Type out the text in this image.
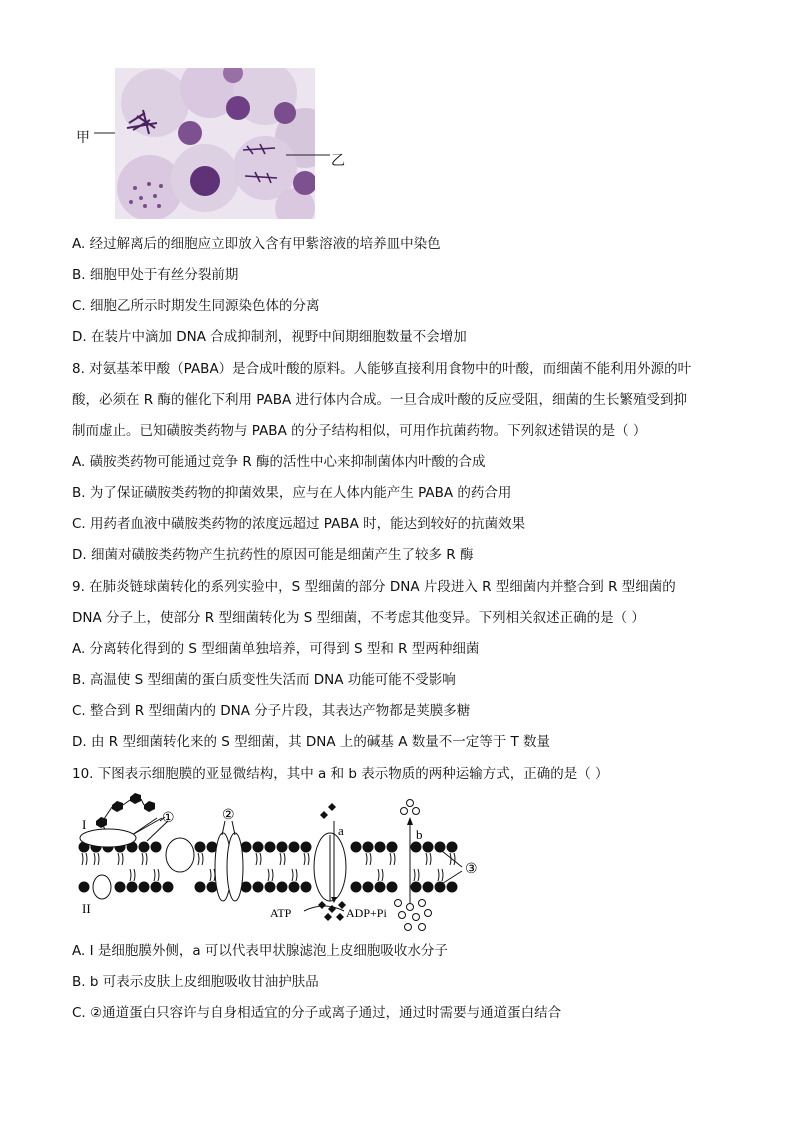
甲
乙
A. 经过解离后的细胞应立即放入含有甲紫溶液的培养皿中染色
B. 细胞甲处于有丝分裂前期
C. 细胞乙所示时期发生同源染色体的分离
D. 在装片中滴加 DNA 合成抑制剂，视野中间期细胞数量不会增加
8. 对氨基苯甲酸（PABA）是合成叶酸的原料。人能够直接利用食物中的叶酸，而细菌不能利用外源的叶
酸，必须在 R 酶的催化下利用 PABA 进行体内合成。一旦合成叶酸的反应受阻，细菌的生长繁殖受到抑
制而虚止。已知磺胺类药物与 PABA 的分子结构相似，可用作抗菌药物。下列叙述错误的是（ ）
A. 磺胺类药物可能通过竞争 R 酶的活性中心来抑制菌体内叶酸的合成
B. 为了保证磺胺类药物的抑菌效果，应与在人体内能产生 PABA 的药合用
C. 用药者血液中磺胺类药物的浓度远超过 PABA 时，能达到较好的抗菌效果
D. 细菌对磺胺类药物产生抗药性的原因可能是细菌产生了较多 R 酶
9. 在肺炎链球菌转化的系列实验中，S 型细菌的部分 DNA 片段进入 R 型细菌内并整合到 R 型细菌的
DNA 分子上，使部分 R 型细菌转化为 S 型细菌，不考虑其他变异。下列相关叙述正确的是（ ）
A. 分离转化得到的 S 型细菌单独培养，可得到 S 型和 R 型两种细菌
B. 高温使 S 型细菌的蛋白质变性失活而 DNA 功能可能不受影响
C. 整合到 R 型细菌内的 DNA 分子片段，其表达产物都是荚膜多糖
D. 由 R 型细菌转化来的 S 型细菌，其 DNA 上的碱基 A 数量不一定等于 T 数量
10. 下图表示细胞膜的亚显微结构，其中 a 和 b 表示物质的两种运输方式，正确的是（ ）
I	①	②
③
II
a
ATP	ADP+Pi
b
A. I 是细胞膜外侧，a 可以代表甲状腺滤泡上皮细胞吸收水分子
B. b 可表示皮肤上皮细胞吸收甘油护肤品
C. ②通道蛋白只容许与自身相适宜的分子或离子通过，通过时需要与通道蛋白结合
